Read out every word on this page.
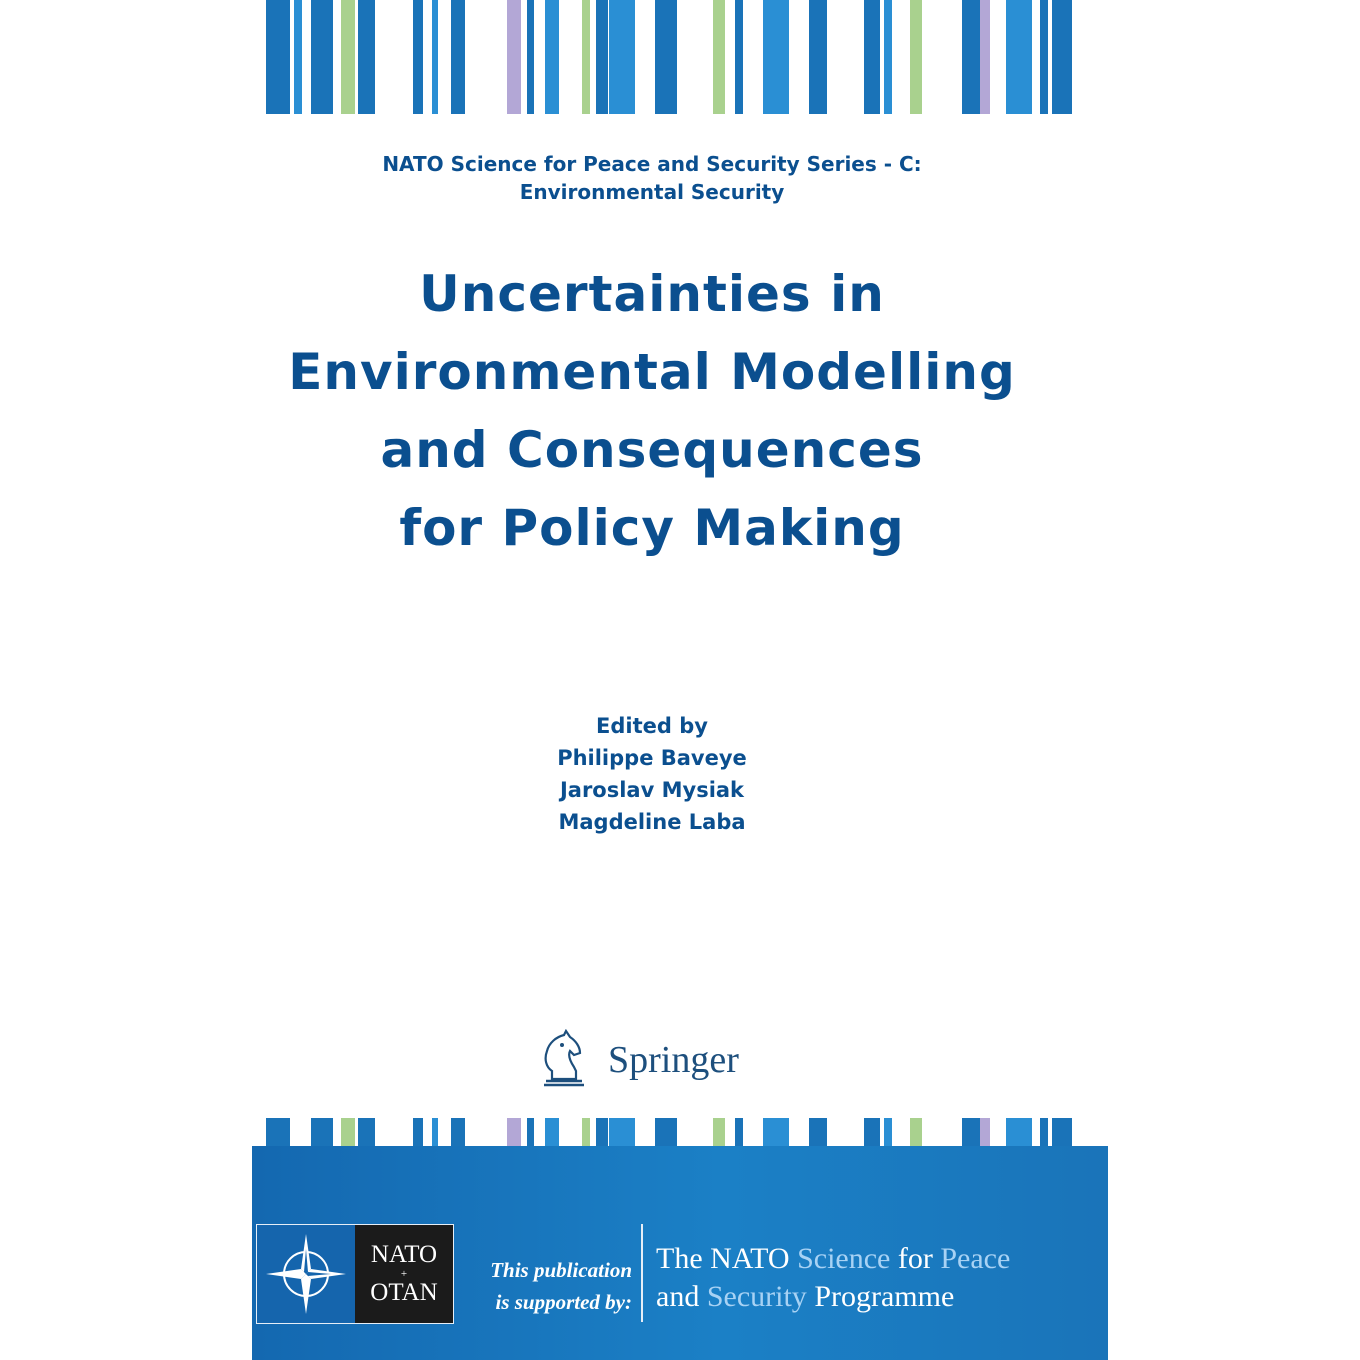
NATO Science for Peace and Security Series - C:
Environmental Security
Uncertainties in
Environmental Modelling
and Consequences
for Policy Making
Edited by
Philippe Baveye
Jaroslav Mysiak
Magdeline Laba
Springer
NATO
+
OTAN
This publication
is supported by:
The NATO Science for Peace
and Security Programme
